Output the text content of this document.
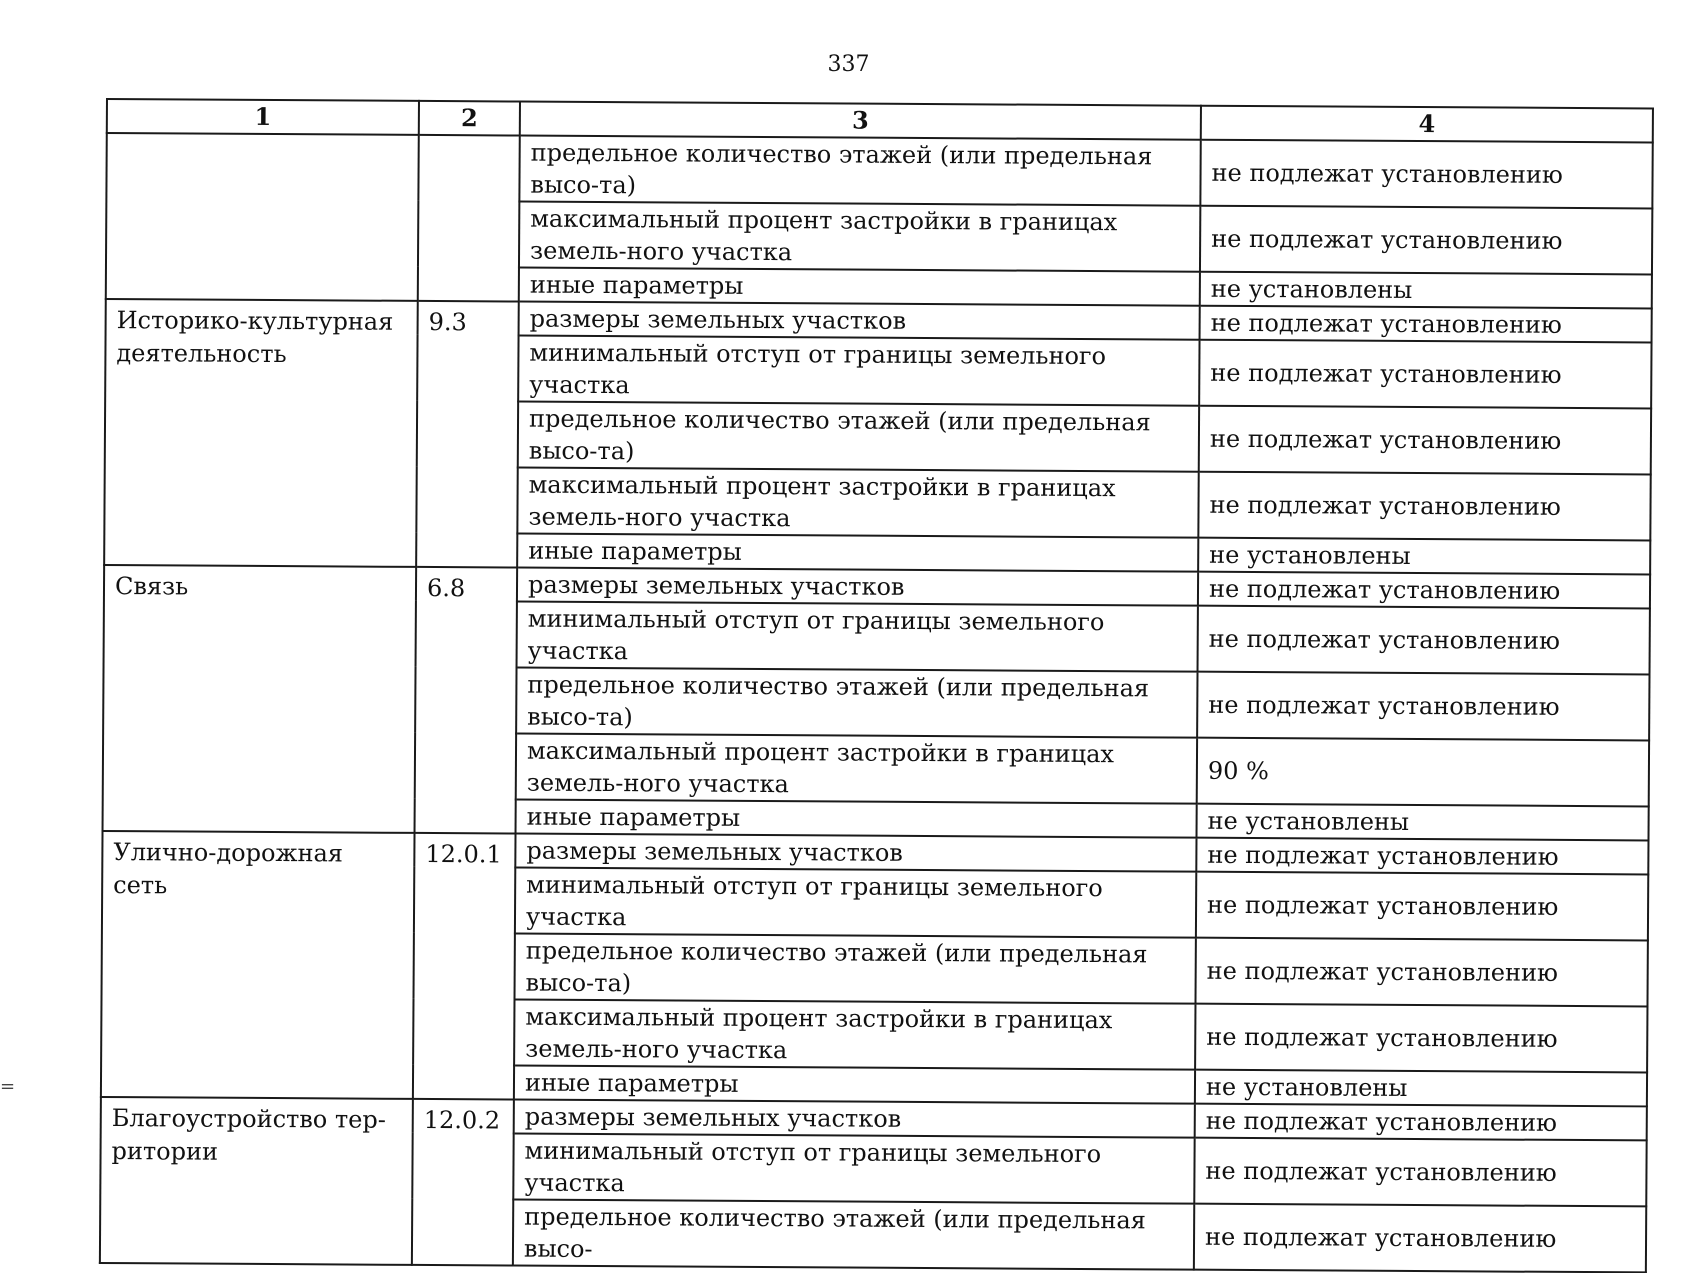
337
1	2	3	4
		предельное количество этажей (или предельная высо-та)	не подлежат установлению
		максимальный процент застройки в границах земель-ного участка	не подлежат установлению
		иные параметры	не установлены
Историко-культурная деятельность	9.3	размеры земельных участков	не подлежат установлению
		минимальный отступ от границы земельного участка	не подлежат установлению
		предельное количество этажей (или предельная высо-та)	не подлежат установлению
		максимальный процент застройки в границах земель-ного участка	не подлежат установлению
		иные параметры	не установлены
Связь	6.8	размеры земельных участков	не подлежат установлению
		минимальный отступ от границы земельного участка	не подлежат установлению
		предельное количество этажей (или предельная высо-та)	не подлежат установлению
		максимальный процент застройки в границах земель-ного участка	90 %
		иные параметры	не установлены
Улично-дорожная сеть	12.0.1	размеры земельных участков	не подлежат установлению
		минимальный отступ от границы земельного участка	не подлежат установлению
		предельное количество этажей (или предельная высо-та)	не подлежат установлению
		максимальный процент застройки в границах земель-ного участка	не подлежат установлению
		иные параметры	не установлены
Благоустройство тер-ритории	12.0.2	размеры земельных участков	не подлежат установлению
		минимальный отступ от границы земельного участка	не подлежат установлению
		предельное количество этажей (или предельная высо-	не подлежат установлению
=
